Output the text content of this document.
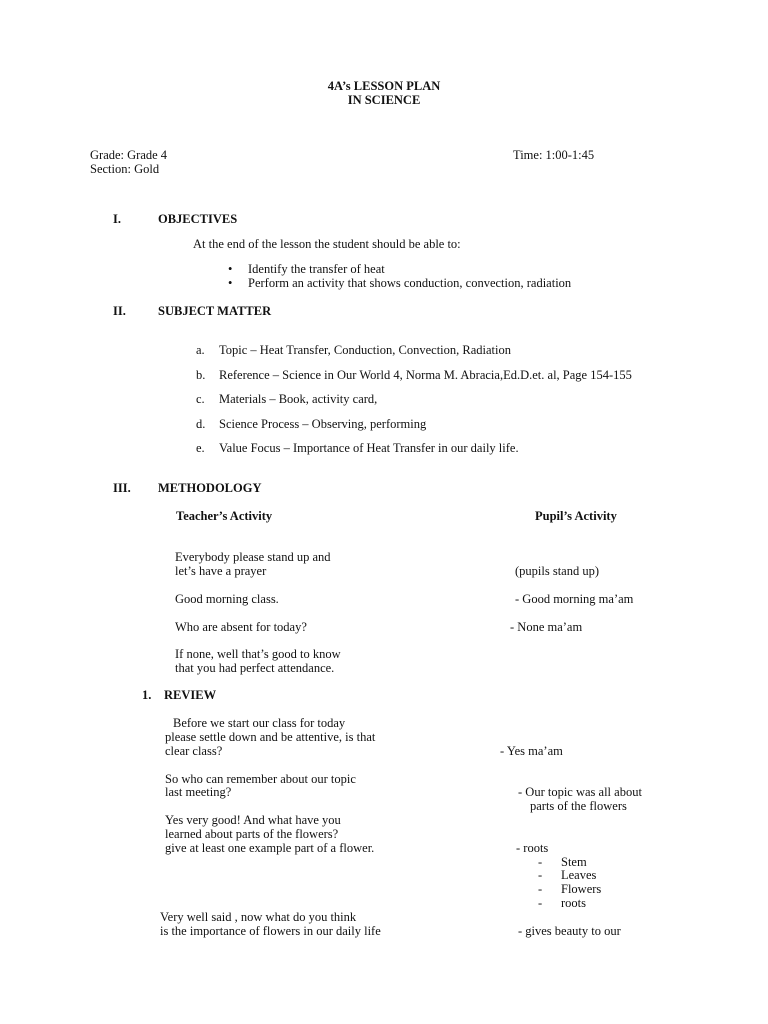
4A’s LESSON PLAN
IN SCIENCE
Grade: Grade 4
Section: Gold
Time: 1:00-1:45
I.	OBJECTIVES
At the end of the lesson the student should be able to:
• Identify the transfer of heat
• Perform an activity that shows conduction, convection, radiation
II.	SUBJECT MATTER
a. Topic – Heat Transfer, Conduction, Convection, Radiation
b. Reference – Science in Our World 4, Norma M. Abracia,Ed.D.et. al, Page 154-155
c. Materials – Book, activity card,
d. Science Process – Observing, performing
e. Value Focus – Importance of Heat Transfer in our daily life.
III. METHODOLOGY
Teacher’s Activity	Pupil’s Activity
Everybody please stand up and
let’s have a prayer	(pupils stand up)
Good morning class.	- Good morning ma’am
Who are absent for today?	- None ma’am
If none, well that’s good to know
that you had perfect attendance.
1. REVIEW
Before we start our class for today
please settle down and be attentive, is that
clear class?	- Yes ma’am
So who can remember about our topic
last meeting?	- Our topic was all about
parts of the flowers
Yes very good! And what have you
learned about parts of the flowers?
give at least one example part of a flower.	- roots
- Stem
- Leaves
- Flowers
- roots
Very well said , now what do you think
is the importance of flowers in our daily life	- gives beauty to our
